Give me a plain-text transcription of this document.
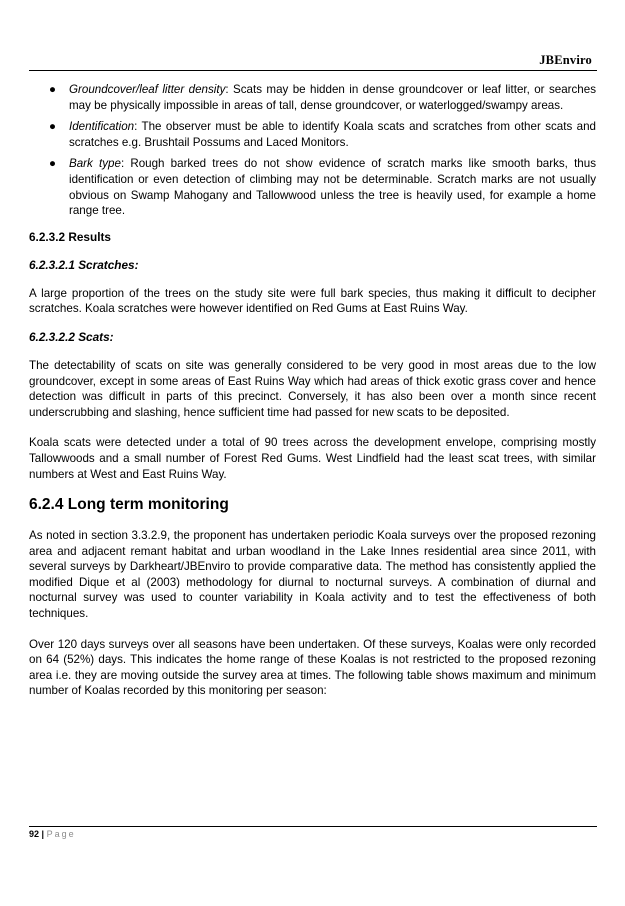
JBEnviro
● Groundcover/leaf litter density: Scats may be hidden in dense groundcover or leaf litter, or searches may be physically impossible in areas of tall, dense groundcover, or waterlogged/swampy areas.
● Identification: The observer must be able to identify Koala scats and scratches from other scats and scratches e.g. Brushtail Possums and Laced Monitors.
● Bark type: Rough barked trees do not show evidence of scratch marks like smooth barks, thus identification or even detection of climbing may not be determinable. Scratch marks are not usually obvious on Swamp Mahogany and Tallowwood unless the tree is heavily used, for example a home range tree.
6.2.3.2 Results
6.2.3.2.1 Scratches:

A large proportion of the trees on the study site were full bark species, thus making it difficult to decipher scratches. Koala scratches were however identified on Red Gums at East Ruins Way.

6.2.3.2.2 Scats:

The detectability of scats on site was generally considered to be very good in most areas due to the low groundcover, except in some areas of East Ruins Way which had areas of thick exotic grass cover and hence detection was difficult in parts of this precinct. Conversely, it has also been over a month since recent underscrubbing and slashing, hence sufficient time had passed for new scats to be deposited.

Koala scats were detected under a total of 90 trees across the development envelope, comprising mostly Tallowwoods and a small number of Forest Red Gums. West Lindfield had the least scat trees, with similar numbers at West and East Ruins Way.

6.2.4 Long term monitoring

As noted in section 3.3.2.9, the proponent has undertaken periodic Koala surveys over the proposed rezoning area and adjacent remant habitat and urban woodland in the Lake Innes residential area since 2011, with several surveys by Darkheart/JBEnviro to provide comparative data. The method has consistently applied the modified Dique et al (2003) methodology for diurnal to nocturnal surveys. A combination of diurnal and nocturnal survey was used to counter variability in Koala activity and to test the effectiveness of both techniques.

Over 120 days surveys over all seasons have been undertaken. Of these surveys, Koalas were only recorded on 64 (52%) days. This indicates the home range of these Koalas is not restricted to the proposed rezoning area i.e. they are moving outside the survey area at times. The following table shows maximum and minimum number of Koalas recorded by this monitoring per season:

92 | Page
